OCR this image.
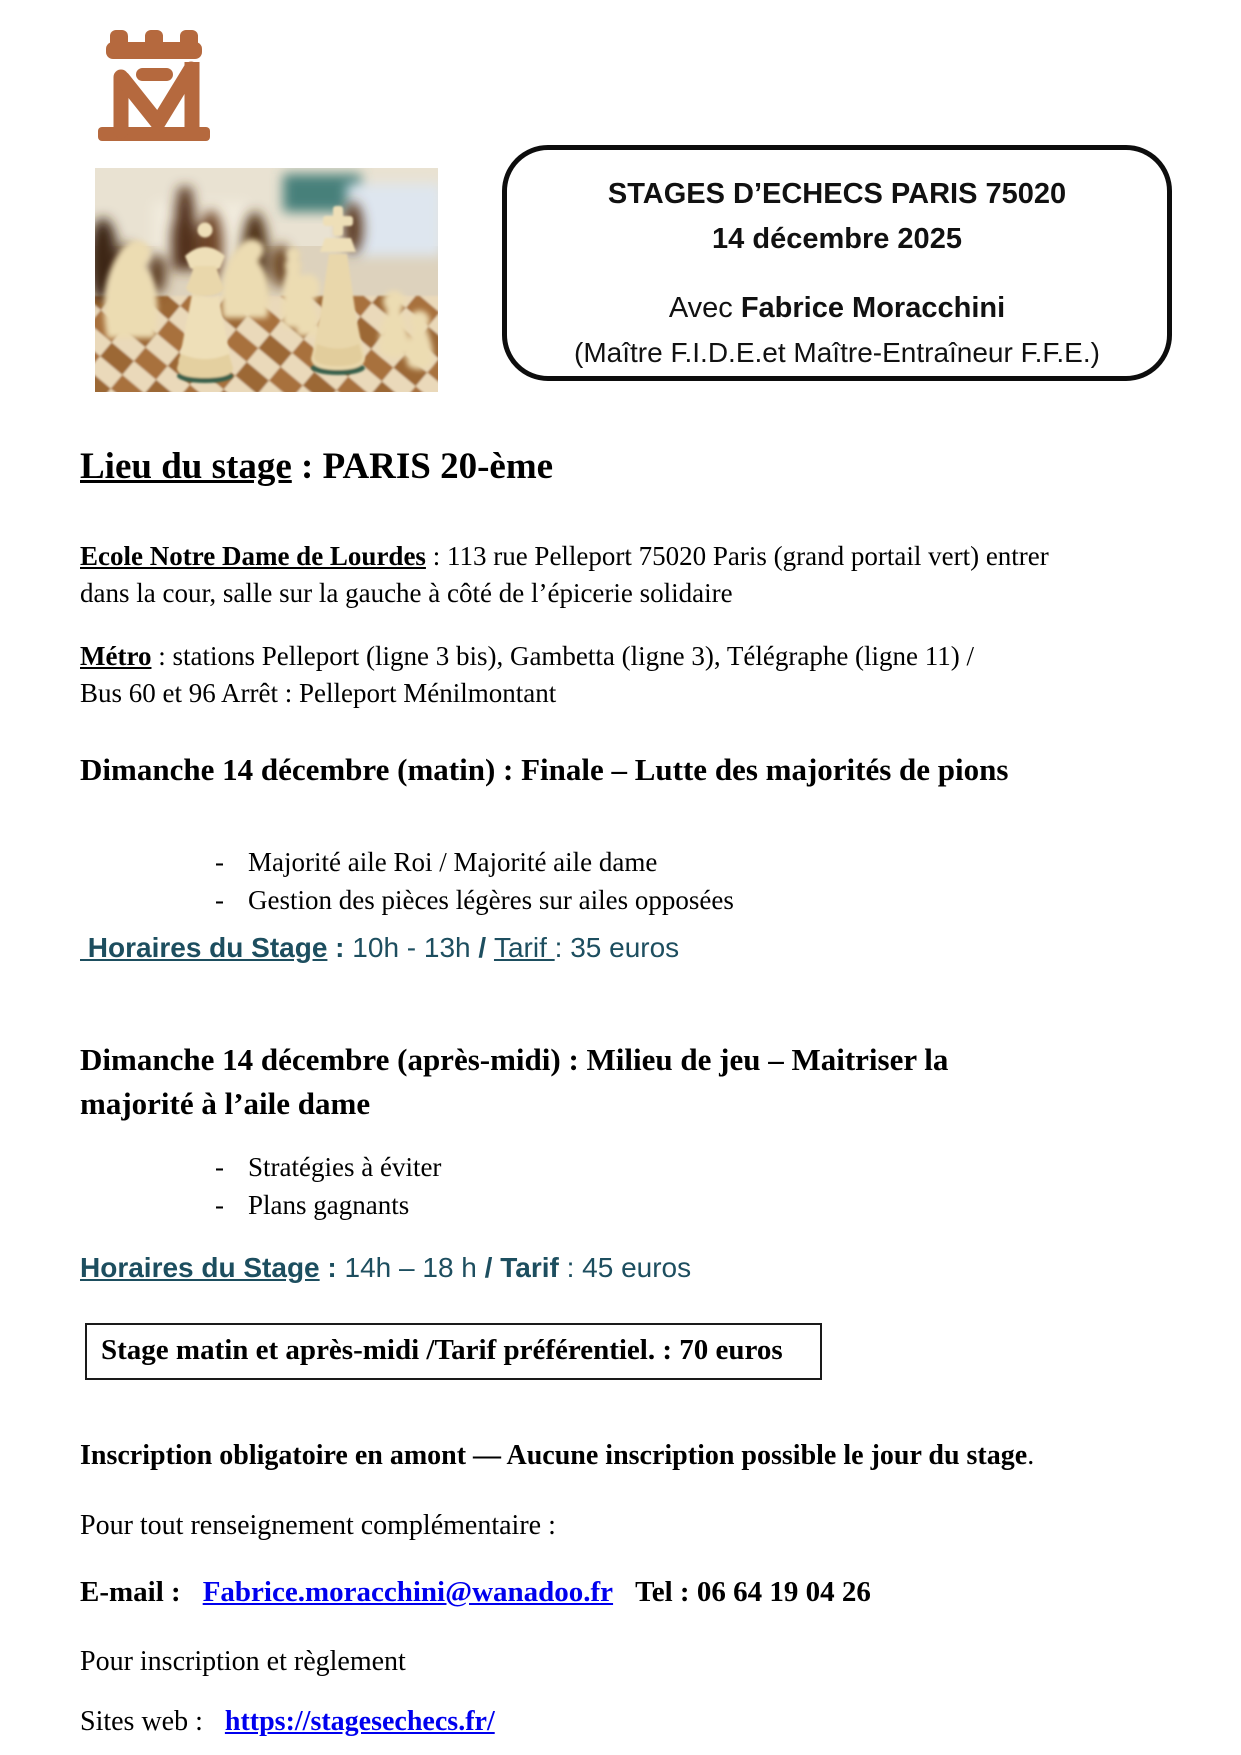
STAGES D’ECHECS PARIS 75020
14 décembre 2025
Avec Fabrice Moracchini
(Maître F.I.D.E.et Maître-Entraîneur F.F.E.)
Lieu du stage : PARIS 20-ème
Ecole Notre Dame de Lourdes : 113 rue Pelleport 75020 Paris (grand portail vert) entrer
dans la cour, salle sur la gauche à côté de l’épicerie solidaire
Métro : stations Pelleport (ligne 3 bis), Gambetta (ligne 3), Télégraphe (ligne 11) /
Bus 60 et 96 Arrêt : Pelleport Ménilmontant
Dimanche 14 décembre (matin) : Finale – Lutte des majorités de pions
- Majorité aile Roi / Majorité aile dame
- Gestion des pièces légères sur ailes opposées
Horaires du Stage : 10h - 13h / Tarif : 35 euros
Dimanche 14 décembre (après-midi) : Milieu de jeu – Maitriser la
majorité à l’aile dame
- Stratégies à éviter
- Plans gagnants
Horaires du Stage : 14h – 18 h / Tarif : 45 euros
Stage matin et après-midi /Tarif préférentiel. : 70 euros
Inscription obligatoire en amont — Aucune inscription possible le jour du stage.
Pour tout renseignement complémentaire :
E-mail : Fabrice.moracchini@wanadoo.fr Tel : 06 64 19 04 26
Pour inscription et règlement
Sites web : https://stagesechecs.fr/
